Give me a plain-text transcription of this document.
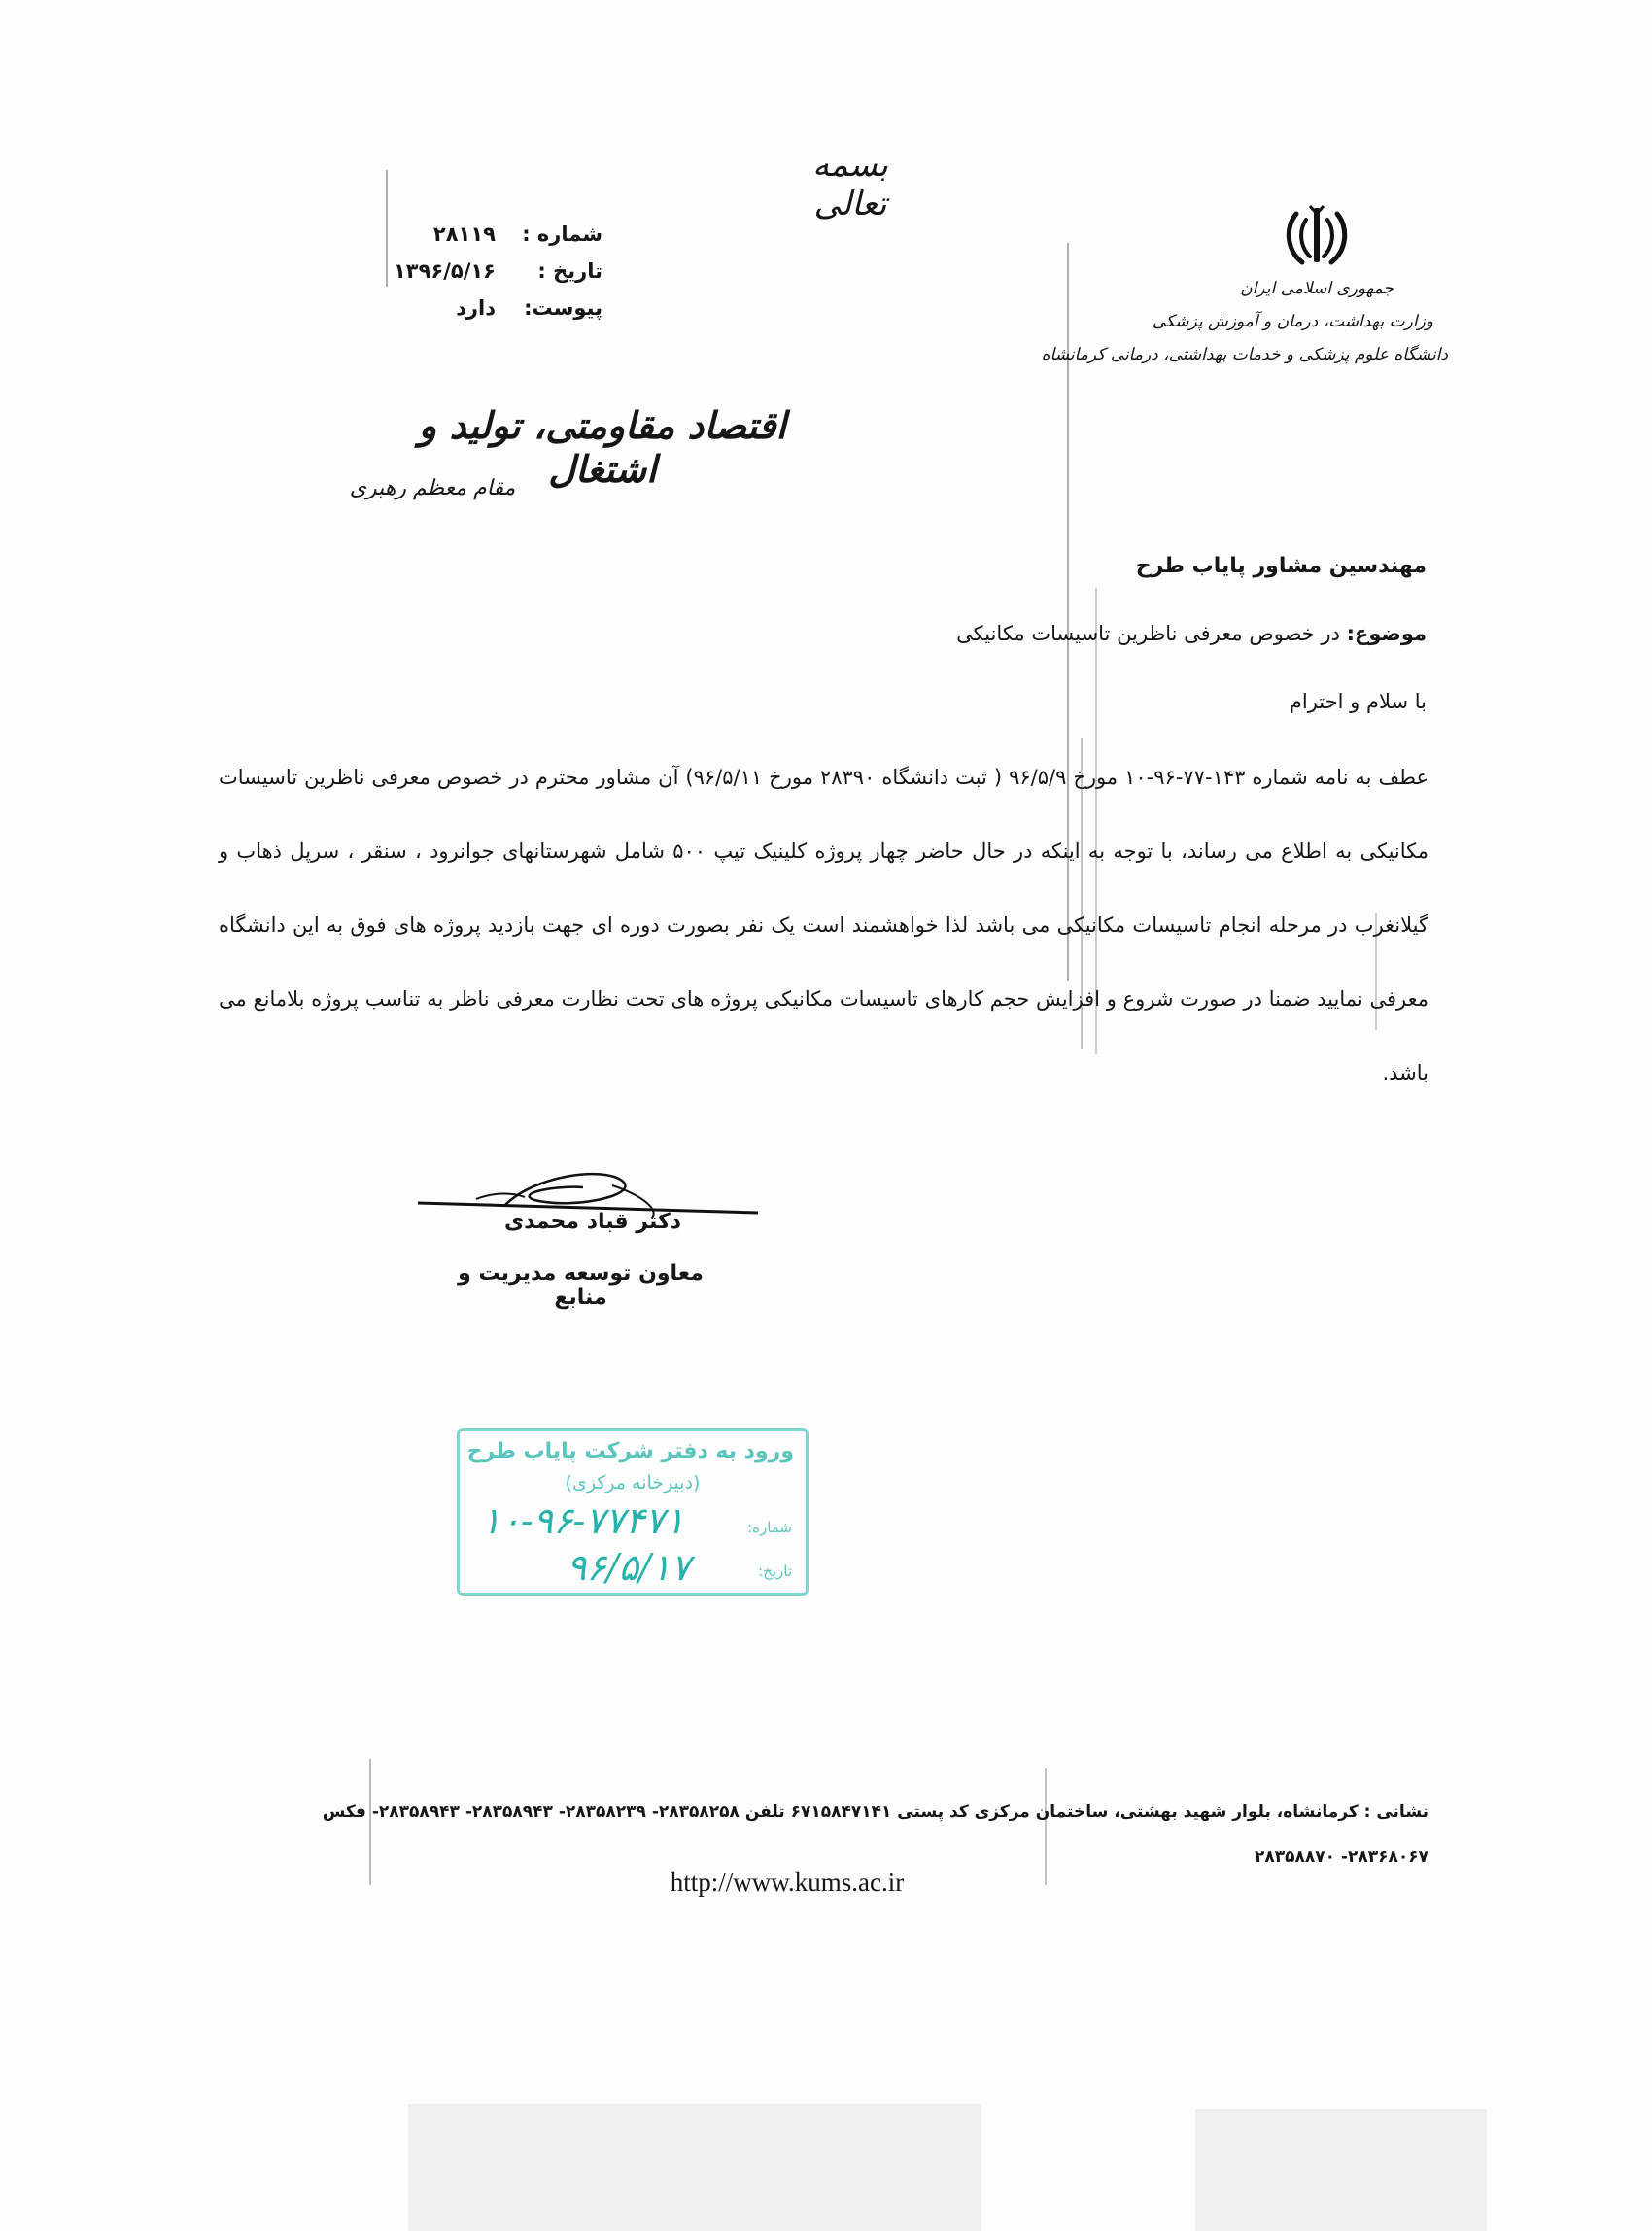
بسمه تعالی
شماره :
۲۸۱۱۹
تاریخ :
۱۳۹۶/۵/۱۶
پیوست:
دارد
جمهوری اسلامی ایران
وزارت بهداشت، درمان و آموزش پزشکی
دانشگاه علوم پزشکی و خدمات بهداشتی، درمانی کرمانشاه
اقتصاد مقاومتی، تولید و اشتغال
مقام معظم رهبری
مهندسین مشاور پایاب طرح
موضوع: در خصوص معرفی ناظرین تاسیسات مکانیکی
با سلام و احترام
عطف به نامه شماره ۱۴۳-۷۷-۹۶-۱۰ مورخ ۹۶/۵/۹ ( ثبت دانشگاه ۲۸۳۹۰ مورخ ۹۶/۵/۱۱) آن مشاور محترم در خصوص معرفی ناظرین تاسیسات مکانیکی به اطلاع می رساند، با توجه به اینکه در حال حاضر چهار پروژه کلینیک تیپ ۵۰۰ شامل شهرستانهای جوانرود ، سنقر ، سرپل ذهاب و گیلانغرب در مرحله انجام تاسیسات مکانیکی می باشد لذا خواهشمند است یک نفر بصورت دوره ای جهت بازدید پروژه های فوق به این دانشگاه معرفی نمایید ضمنا در صورت شروع و افزایش حجم کارهای تاسیسات مکانیکی پروژه های تحت نظارت معرفی ناظر به تناسب پروژه بلامانع می باشد.
دکتر قباد محمدی
معاون توسعه مدیریت و منابع
ورود به دفتر شرکت پایاب طرح
(دبیرخانه مرکزی)
شماره:
۱۰-۹۶-۷۷۴۷۱
تاریخ:
۹۶/۵/۱۷
نشانی : کرمانشاه، بلوار شهید بهشتی، ساختمان مرکزی کد پستی ۶۷۱۵۸۴۷۱۴۱ تلفن ۲۸۳۵۸۲۵۸- ۲۸۳۵۸۲۳۹- ۲۸۳۵۸۹۴۳- ۲۸۳۵۸۹۴۳- فکس ۲۸۳۶۸۰۶۷- ۲۸۳۵۸۸۷۰
http://www.kums.ac.ir
